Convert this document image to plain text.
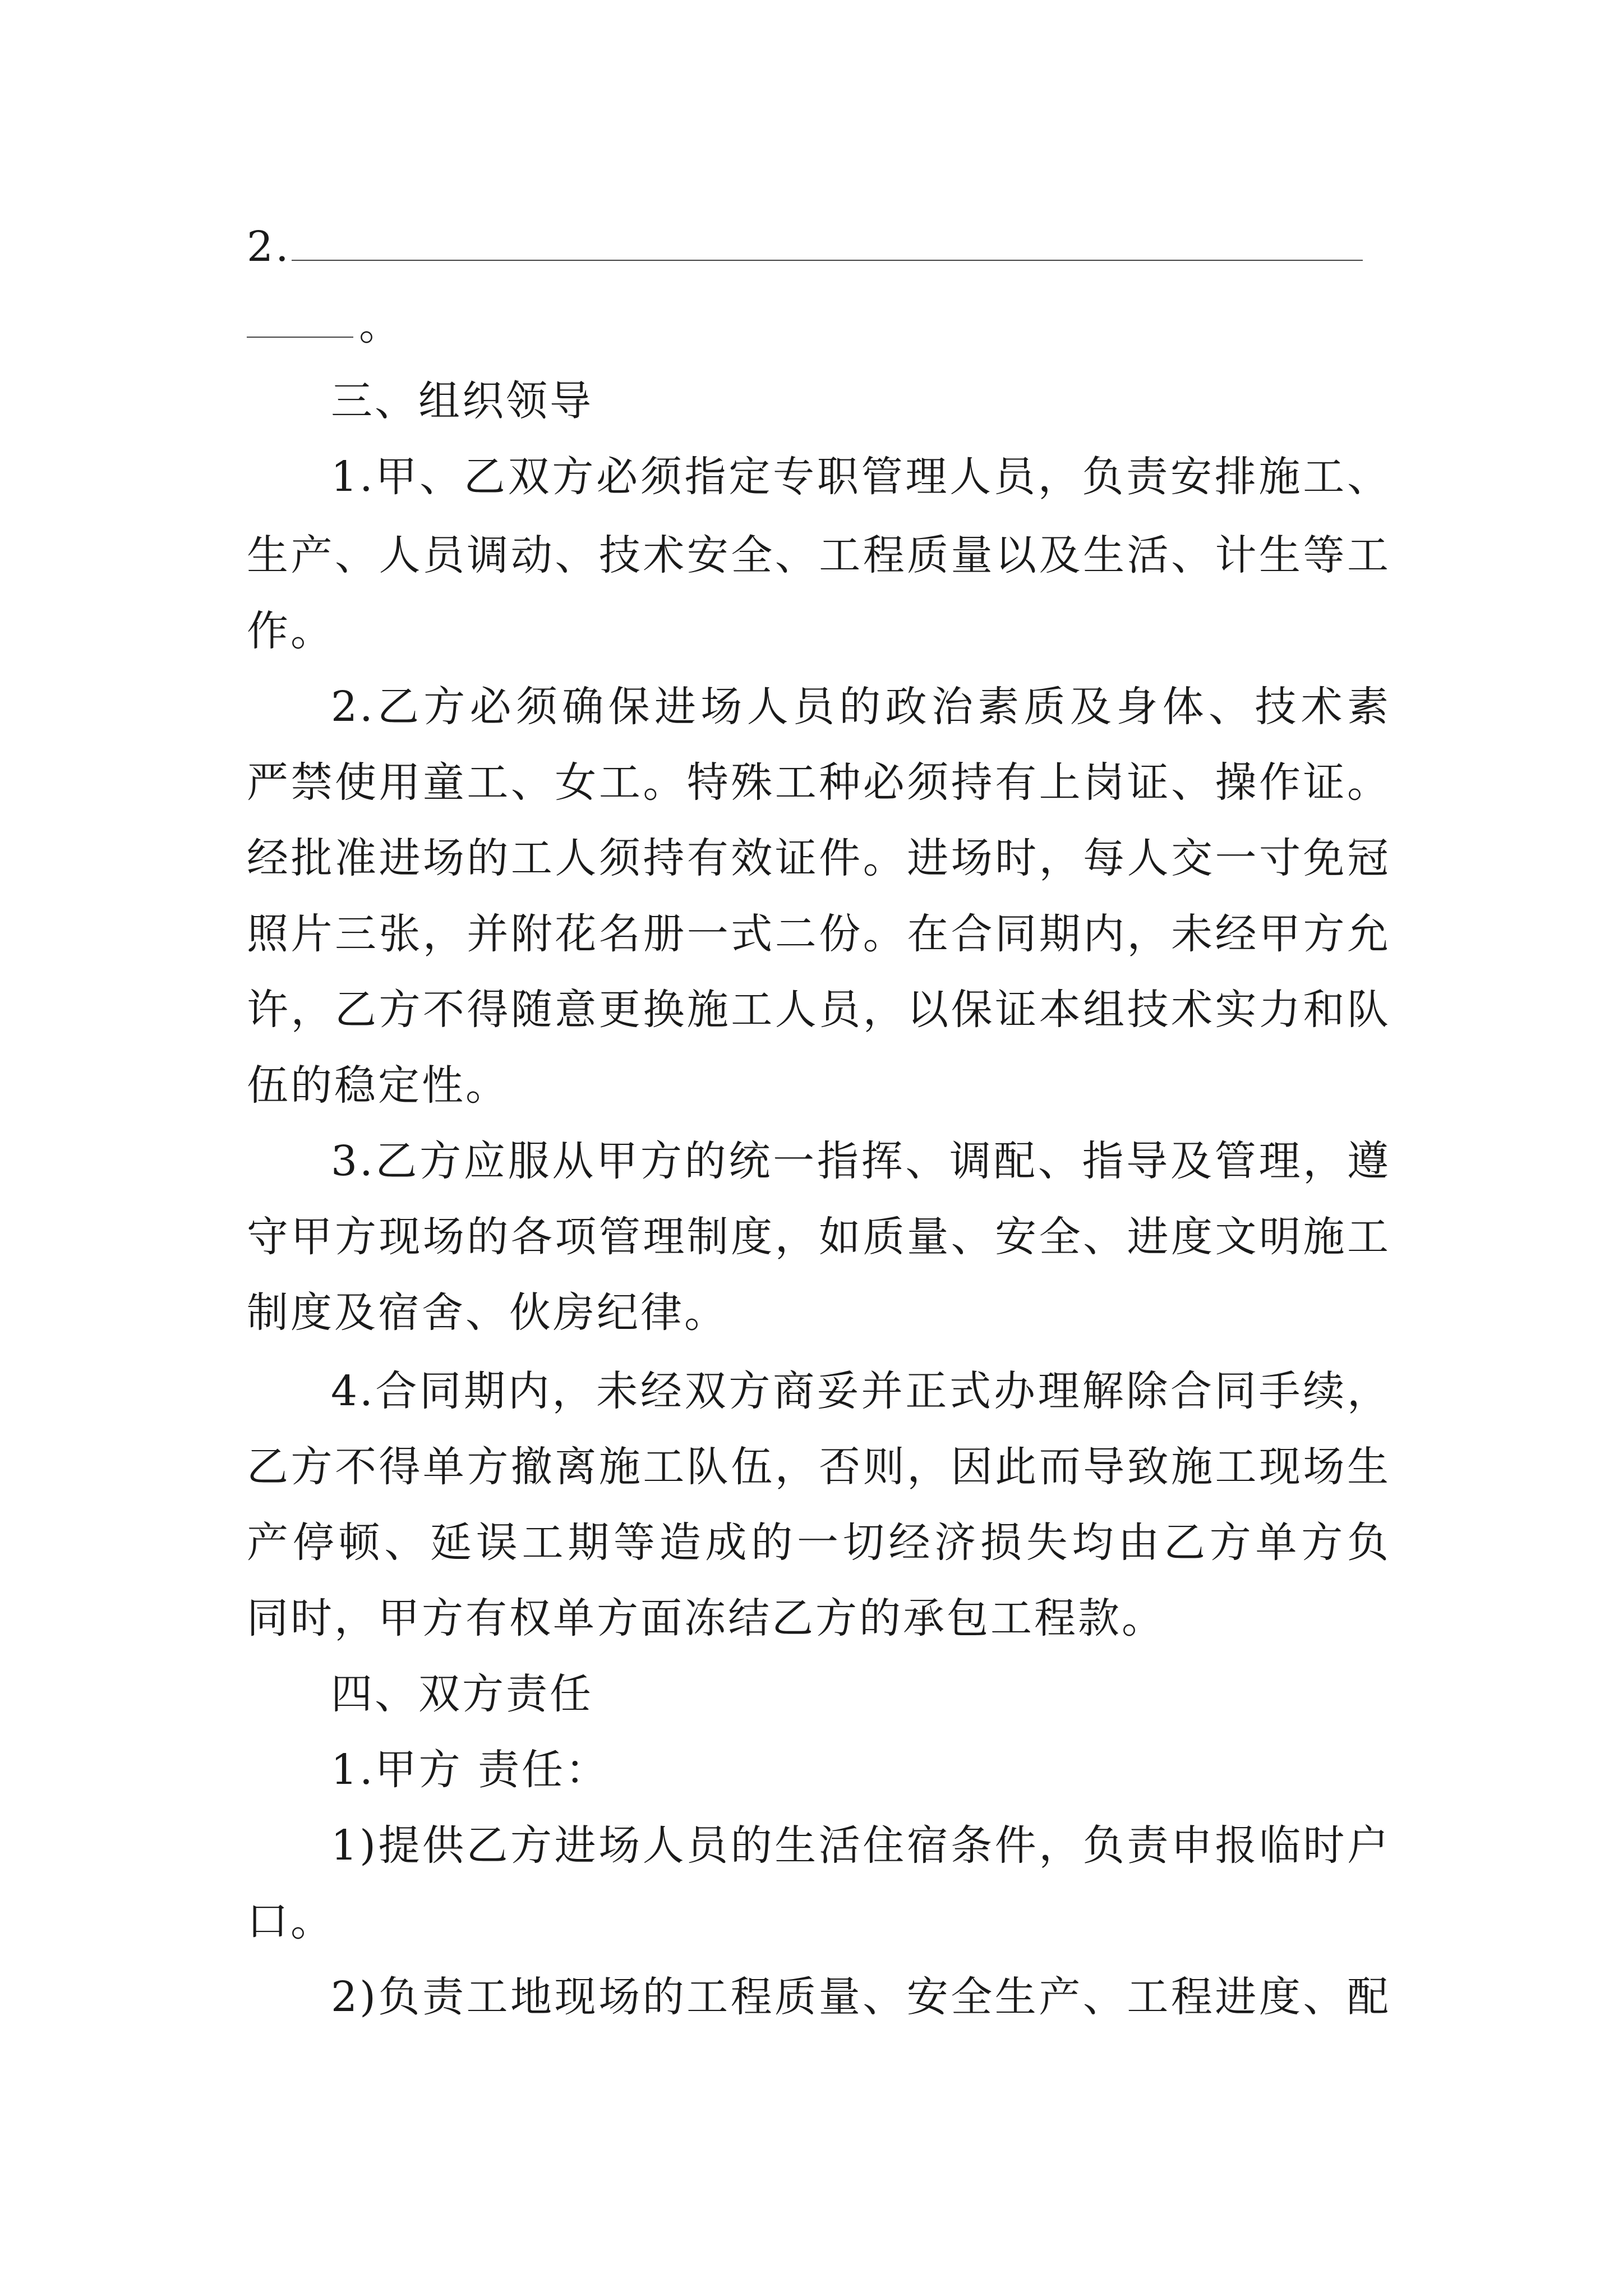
2.
。
三、组织领导
1.甲、乙双方必须指定专职管理人员，负责安排施工、
生产、人员调动、技术安全、工程质量以及生活、计生等工
作。
2.乙方必须确保进场人员的政治素质及身体、技术素
严禁使用童工、女工。特殊工种必须持有上岗证、操作证。
经批准进场的工人须持有效证件。进场时，每人交一寸免冠
照片三张，并附花名册一式二份。在合同期内，未经甲方允
许，乙方不得随意更换施工人员，以保证本组技术实力和队
伍的稳定性。
3.乙方应服从甲方的统一指挥、调配、指导及管理，遵
守甲方现场的各项管理制度，如质量、安全、进度文明施工
制度及宿舍、伙房纪律。
4.合同期内，未经双方商妥并正式办理解除合同手续，
乙方不得单方撤离施工队伍，否则，因此而导致施工现场生
产停顿、延误工期等造成的一切经济损失均由乙方单方负
同时，甲方有权单方面冻结乙方的承包工程款。
四、双方责任
1.甲方 责任：
1)提供乙方进场人员的生活住宿条件，负责申报临时户
口。
2)负责工地现场的工程质量、安全生产、工程进度、配
